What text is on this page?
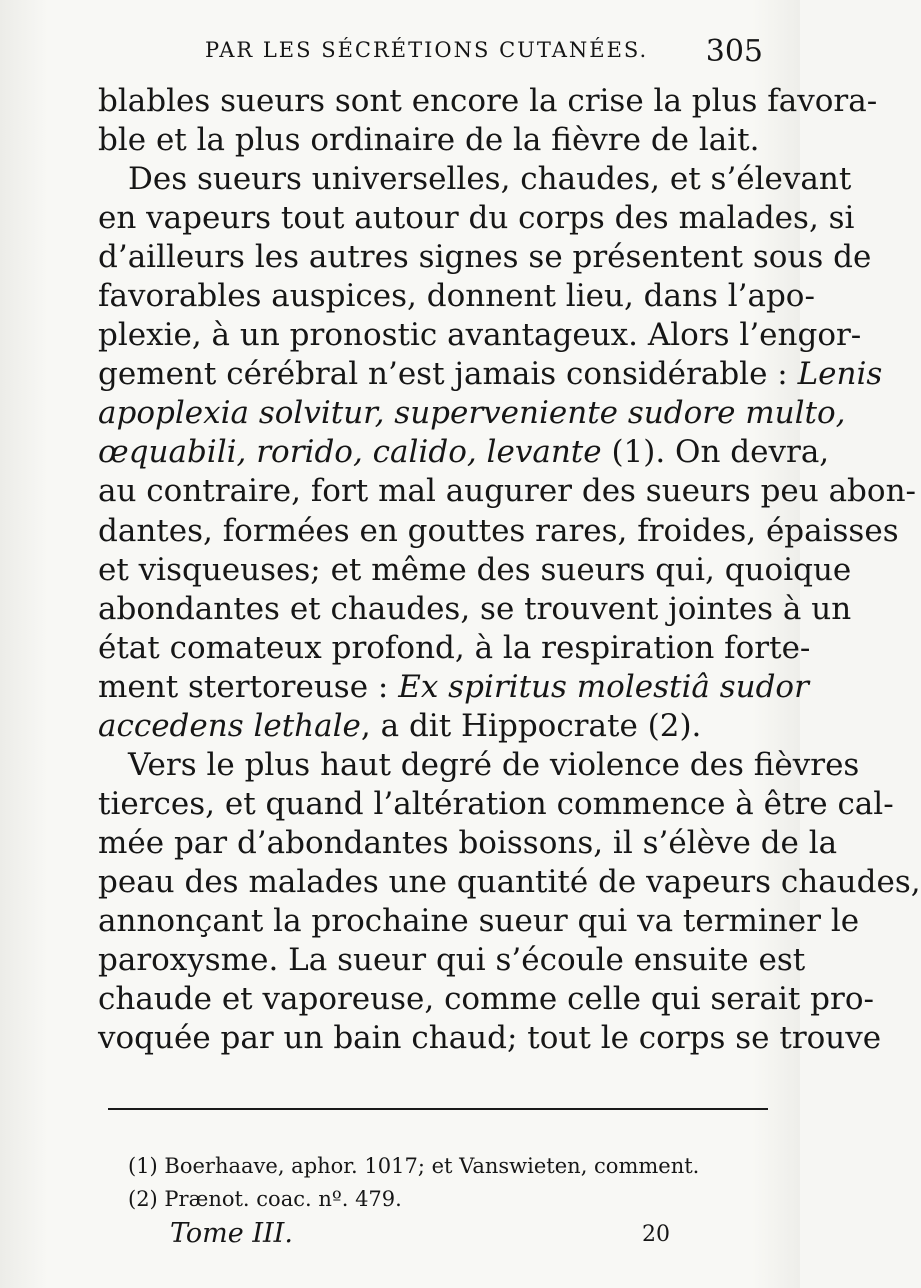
PAR LES SÉCRÉTIONS CUTANÉES. 305
blables sueurs sont encore la crise la plus favora-
ble et la plus ordinaire de la fièvre de lait.
Des sueurs universelles, chaudes, et s’élevant
en vapeurs tout autour du corps des malades, si
d’ailleurs les autres signes se présentent sous de
favorables auspices, donnent lieu, dans l’apo-
plexie, à un pronostic avantageux. Alors l’engor-
gement cérébral n’est jamais considérable : Lenis
apoplexia solvitur, superveniente sudore multo,
œquabili, rorido, calido, levante (1). On devra,
au contraire, fort mal augurer des sueurs peu abon-
dantes, formées en gouttes rares, froides, épaisses
et visqueuses; et même des sueurs qui, quoique
abondantes et chaudes, se trouvent jointes à un
état comateux profond, à la respiration forte-
ment stertoreuse : Ex spiritus molestiâ sudor
accedens lethale, a dit Hippocrate (2).
Vers le plus haut degré de violence des fièvres
tierces, et quand l’altération commence à être cal-
mée par d’abondantes boissons, il s’élève de la
peau des malades une quantité de vapeurs chaudes,
annonçant la prochaine sueur qui va terminer le
paroxysme. La sueur qui s’écoule ensuite est
chaude et vaporeuse, comme celle qui serait pro-
voquée par un bain chaud; tout le corps se trouve
(1) Boerhaave, aphor. 1017; et Vanswieten, comment.
(2) Prænot. coac. nº. 479.
Tome III.	20
